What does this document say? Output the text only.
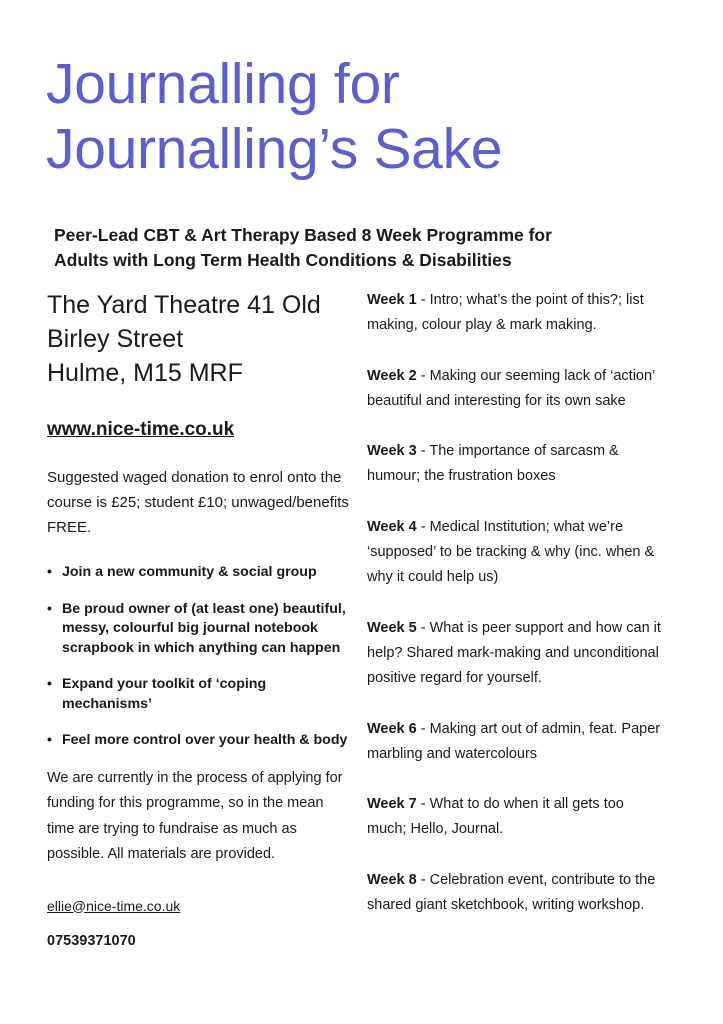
Journalling for
Journalling’s Sake
Peer-Lead CBT & Art Therapy Based 8 Week Programme for
Adults with Long Term Health Conditions & Disabilities

The Yard Theatre 41 Old
Birley Street
Hulme, M15 MRF

www.nice-time.co.uk

Suggested waged donation to enrol onto the course is £25; student £10; unwaged/benefits FREE.

• Join a new community & social group
• Be proud owner of (at least one) beautiful, messy, colourful big journal notebook scrapbook in which anything can happen
• Expand your toolkit of ‘coping mechanisms’
• Feel more control over your health & body

We are currently in the process of applying for funding for this programme, so in the mean time are trying to fundraise as much as possible. All materials are provided.

ellie@nice-time.co.uk

07539371070

Week 1 - Intro; what’s the point of this?; list making, colour play & mark making.

Week 2 - Making our seeming lack of ‘action’ beautiful and interesting for its own sake

Week 3 - The importance of sarcasm & humour; the frustration boxes

Week 4 - Medical Institution; what we’re ‘supposed’ to be tracking & why (inc. when & why it could help us)

Week 5 - What is peer support and how can it help? Shared mark-making and unconditional positive regard for yourself.

Week 6 - Making art out of admin, feat. Paper marbling and watercolours

Week 7 - What to do when it all gets too much; Hello, Journal.

Week 8 - Celebration event, contribute to the shared giant sketchbook, writing workshop.
